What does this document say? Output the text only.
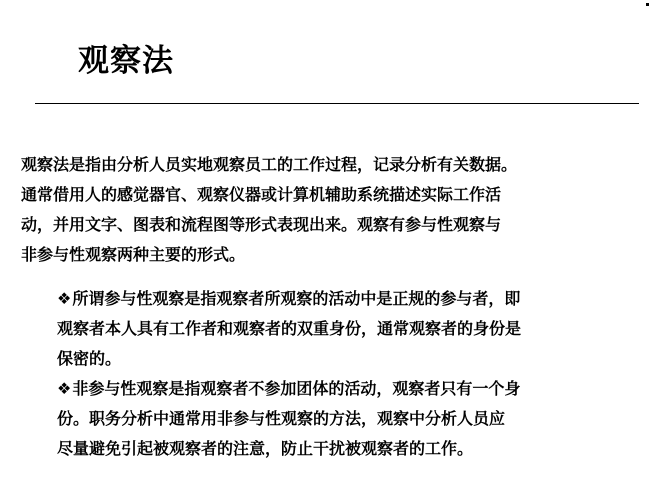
观察法
观察法是指由分析人员实地观察员工的工作过程，记录分析有关数据。
通常借用人的感觉器官、观察仪器或计算机辅助系统描述实际工作活
动，并用文字、图表和流程图等形式表现出来。观察有参与性观察与
非参与性观察两种主要的形式。
❖所谓参与性观察是指观察者所观察的活动中是正规的参与者，即
观察者本人具有工作者和观察者的双重身份，通常观察者的身份是
保密的。
❖非参与性观察是指观察者不参加团体的活动，观察者只有一个身
份。职务分析中通常用非参与性观察的方法，观察中分析人员应
尽量避免引起被观察者的注意，防止干扰被观察者的工作。
